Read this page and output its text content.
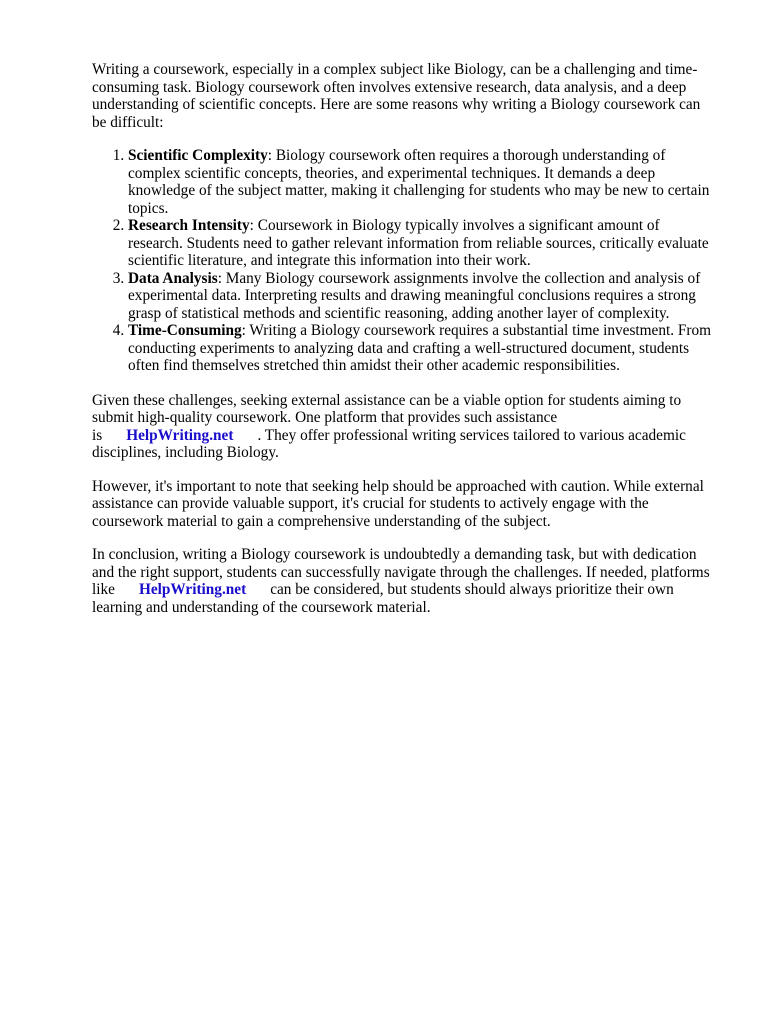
Writing a coursework, especially in a complex subject like Biology, can be a challenging and time-consuming task. Biology coursework often involves extensive research, data analysis, and a deep understanding of scientific concepts. Here are some reasons why writing a Biology coursework can be difficult:

1. Scientific Complexity: Biology coursework often requires a thorough understanding of complex scientific concepts, theories, and experimental techniques. It demands a deep knowledge of the subject matter, making it challenging for students who may be new to certain topics.
2. Research Intensity: Coursework in Biology typically involves a significant amount of research. Students need to gather relevant information from reliable sources, critically evaluate scientific literature, and integrate this information into their work.
3. Data Analysis: Many Biology coursework assignments involve the collection and analysis of experimental data. Interpreting results and drawing meaningful conclusions requires a strong grasp of statistical methods and scientific reasoning, adding another layer of complexity.
4. Time-Consuming: Writing a Biology coursework requires a substantial time investment. From conducting experiments to analyzing data and crafting a well-structured document, students often find themselves stretched thin amidst their other academic responsibilities.

Given these challenges, seeking external assistance can be a viable option for students aiming to submit high-quality coursework. One platform that provides such assistance is HelpWriting.net . They offer professional writing services tailored to various academic disciplines, including Biology.

However, it's important to note that seeking help should be approached with caution. While external assistance can provide valuable support, it's crucial for students to actively engage with the coursework material to gain a comprehensive understanding of the subject.

In conclusion, writing a Biology coursework is undoubtedly a demanding task, but with dedication and the right support, students can successfully navigate through the challenges. If needed, platforms like HelpWriting.net can be considered, but students should always prioritize their own learning and understanding of the coursework material.
